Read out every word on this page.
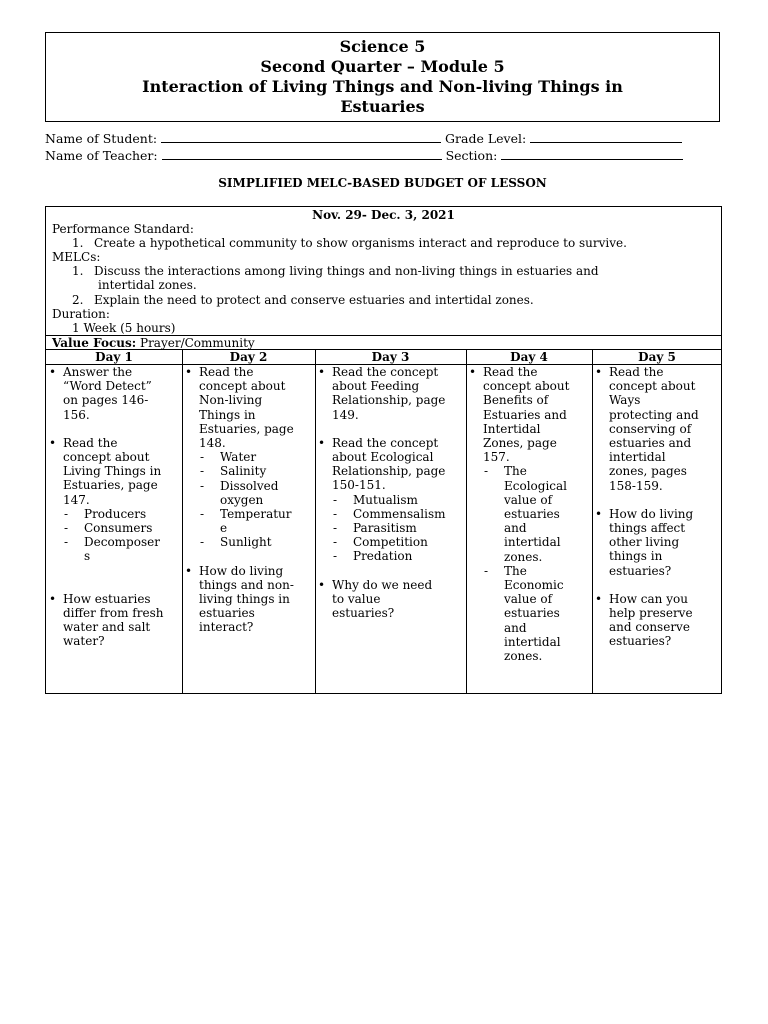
Science 5
Second Quarter – Module 5
Interaction of Living Things and Non-living Things in
Estuaries
Name of Student:	Grade Level:
Name of Teacher:	Section:
SIMPLIFIED MELC-BASED BUDGET OF LESSON
Nov. 29- Dec. 3, 2021
Performance Standard:
1. Create a hypothetical community to show organisms interact and reproduce to survive.
MELCs:
1. Discuss the interactions among living things and non-living things in estuaries and
intertidal zones.
2. Explain the need to protect and conserve estuaries and intertidal zones.
Duration:
1 Week (5 hours)
Value Focus: Prayer/Community
Day 1
• Answer the
“Word Detect”
on pages 146-
156.
• Read the
concept about
Living Things in
Estuaries, page
147.
- Producers
- Consumers
- Decomposer
s
• How estuaries
differ from fresh
water and salt
water?
Day 2
• Read the
concept about
Non-living
Things in
Estuaries, page
148.
- Water
- Salinity
- Dissolved
oxygen
- Temperatur
e
- Sunlight
• How do living
things and non-
living things in
estuaries
interact?
Day 3
• Read the concept
about Feeding
Relationship, page
149.
• Read the concept
about Ecological
Relationship, page
150-151.
- Mutualism
- Commensalism
- Parasitism
- Competition
- Predation
• Why do we need
to value
estuaries?
Day 4
• Read the
concept about
Benefits of
Estuaries and
Intertidal
Zones, page
157.
- The
Ecological
value of
estuaries
and
intertidal
zones.
- The
Economic
value of
estuaries
and
intertidal
zones.
Day 5
• Read the
concept about
Ways
protecting and
conserving of
estuaries and
intertidal
zones, pages
158-159.
• How do living
things affect
other living
things in
estuaries?
• How can you
help preserve
and conserve
estuaries?
